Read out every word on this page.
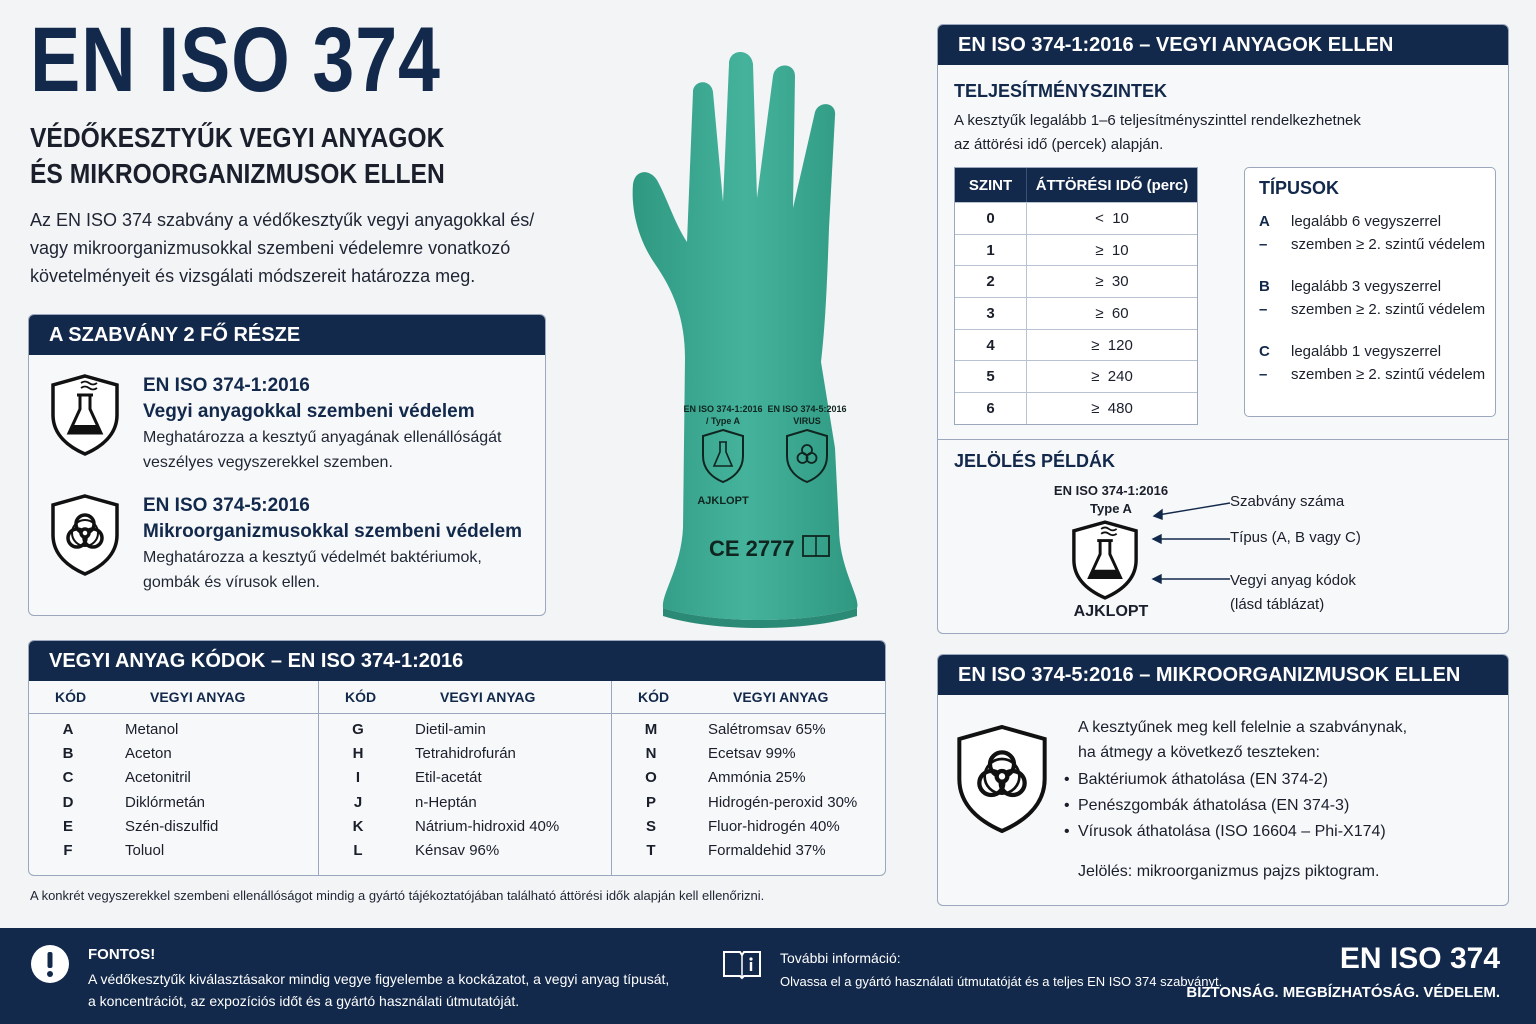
EN ISO 374
VÉDŐKESZTYŰK VEGYI ANYAGOK
ÉS MIKROORGANIZMUSOK ELLEN
Az EN ISO 374 szabvány a védőkesztyűk vegyi anyagokkal és/ vagy mikroorganizmusokkal szembeni védelemre vonatkozó követelményeit és vizsgálati módszereit határozza meg.
A SZABVÁNY 2 FŐ RÉSZE
EN ISO 374-1:2016
Vegyi anyagokkal szembeni védelem
Meghatározza a kesztyű anyagának ellenállóságát veszélyes vegyszerekkel szemben.
EN ISO 374-5:2016
Mikroorganizmusokkal szembeni védelem
Meghatározza a kesztyű védelmét baktériumok, gombák és vírusok ellen.
EN ISO 374-1:2016
/ Type A
EN ISO 374-5:2016
VIRUS
AJKLOPT
CE 2777
VEGYI ANYAG KÓDOK – EN ISO 374-1:2016
KÓD	VEGYI ANYAG
A	Metanol
B	Aceton
C	Acetonitril
D	Diklórmetán
E	Szén-diszulfid
F	Toluol
KÓD	VEGYI ANYAG
G	Dietil-amin
H	Tetrahidrofurán
I	Etil-acetát
J	n-Heptán
K	Nátrium-hidroxid 40%
L	Kénsav 96%
KÓD	VEGYI ANYAG
M	Salétromsav 65%
N	Ecetsav 99%
O	Ammónia 25%
P	Hidrogén-peroxid 30%
S	Fluor-hidrogén 40%
T	Formaldehid 37%
A konkrét vegyszerekkel szembeni ellenállóságot mindig a gyártó tájékoztatójában található áttörési idők alapján kell ellenőrizni.
EN ISO 374-1:2016 – VEGYI ANYAGOK ELLEN
TELJESÍTMÉNYSZINTEK
A kesztyűk legalább 1–6 teljesítményszinttel rendelkezhetnek
az áttörési idő (percek) alapján.
SZINT	ÁTTÖRÉSI IDŐ (perc)
0	<  10
1	≥  10
2	≥  30
3	≥  60
4	≥  120
5	≥  240
6	≥  480
TÍPUSOK
A –
legalább 6 vegyszerrel
szemben ≥ 2. szintű védelem
B –
legalább 3 vegyszerrel
szemben ≥ 2. szintű védelem
C –
legalább 1 vegyszerrel
szemben ≥ 2. szintű védelem
JELÖLÉS PÉLDÁK
EN ISO 374-1:2016
Type A
AJKLOPT
Szabvány száma
Típus (A, B vagy C)
Vegyi anyag kódok
(lásd táblázat)
EN ISO 374-5:2016 – MIKROORGANIZMUSOK ELLEN
A kesztyűnek meg kell felelnie a szabványnak,
ha átmegy a következő teszteken:
• Baktériumok áthatolása (EN 374-2)
• Penészgombák áthatolása (EN 374-3)
• Vírusok áthatolása (ISO 16604 – Phi-X174)
Jelölés: mikroorganizmus pajzs piktogram.
FONTOS!
A védőkesztyűk kiválasztásakor mindig vegye figyelembe a kockázatot, a vegyi anyag típusát,
a koncentrációt, az expozíciós időt és a gyártó használati útmutatóját.
További információ:
Olvassa el a gyártó használati útmutatóját és a teljes EN ISO 374 szabványt.
EN ISO 374
BIZTONSÁG. MEGBÍZHATÓSÁG. VÉDELEM.
